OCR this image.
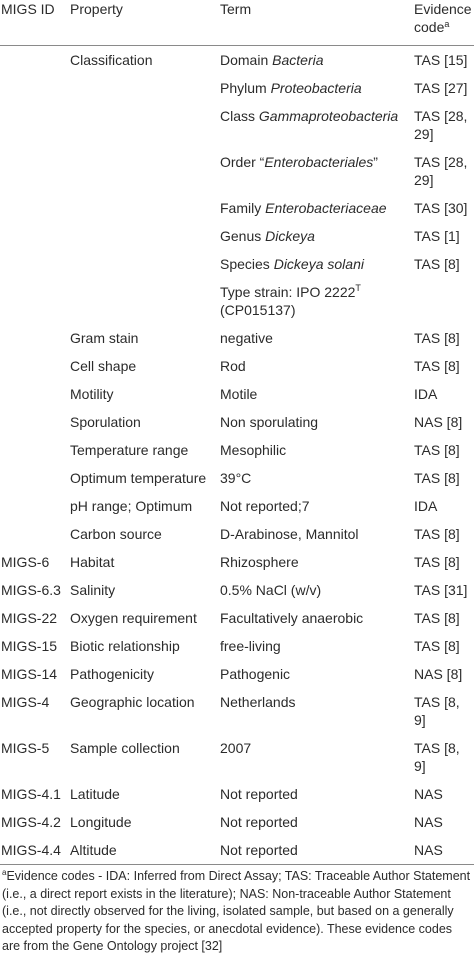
MIGS ID	Property	Term	Evidence
code$^a$
	Classification	Domain Bacteria	TAS [15]
		Phylum Proteobacteria	TAS [27]
		Class Gammaproteobacteria	TAS [28, 29]
		Order “Enterobacteriales”	TAS [28, 29]
		Family Enterobacteriaceae	TAS [30]
		Genus Dickeya	TAS [1]
		Species Dickeya solani	TAS [8]
		Type strain: IPO $2222^T$ (CP015137)	
	Gram stain	negative	TAS [8]
	Cell shape	Rod	TAS [8]
	Motility	Motile	IDA
	Sporulation	Non sporulating	NAS [8]
	Temperature range	Mesophilic	TAS [8]
	Optimum temperature	39°C	TAS [8]
	pH range; Optimum	Not reported;7	IDA
	Carbon source	D-Arabinose, Mannitol	TAS [8]
MIGS-6	Habitat	Rhizosphere	TAS [8]
MIGS-6.3	Salinity	0.5% NaCl (w/v)	TAS [31]
MIGS-22	Oxygen requirement	Facultatively anaerobic	TAS [8]
MIGS-15	Biotic relationship	free-living	TAS [8]
MIGS-14	Pathogenicity	Pathogenic	NAS [8]
MIGS-4	Geographic location	Netherlands	TAS [8, 9]
MIGS-5	Sample collection	2007	TAS [8, 9]
MIGS-4.1	Latitude	Not reported	NAS
MIGS-4.2	Longitude	Not reported	NAS
MIGS-4.4	Altitude	Not reported	NAS
$^a$Evidence codes - IDA: Inferred from Direct Assay; TAS: Traceable Author Statement (i.e., a direct report exists in the literature); NAS: Non-traceable Author Statement (i.e., not directly observed for the living, isolated sample, but based on a generally accepted property for the species, or anecdotal evidence). These evidence codes are from the Gene Ontology project [32]
